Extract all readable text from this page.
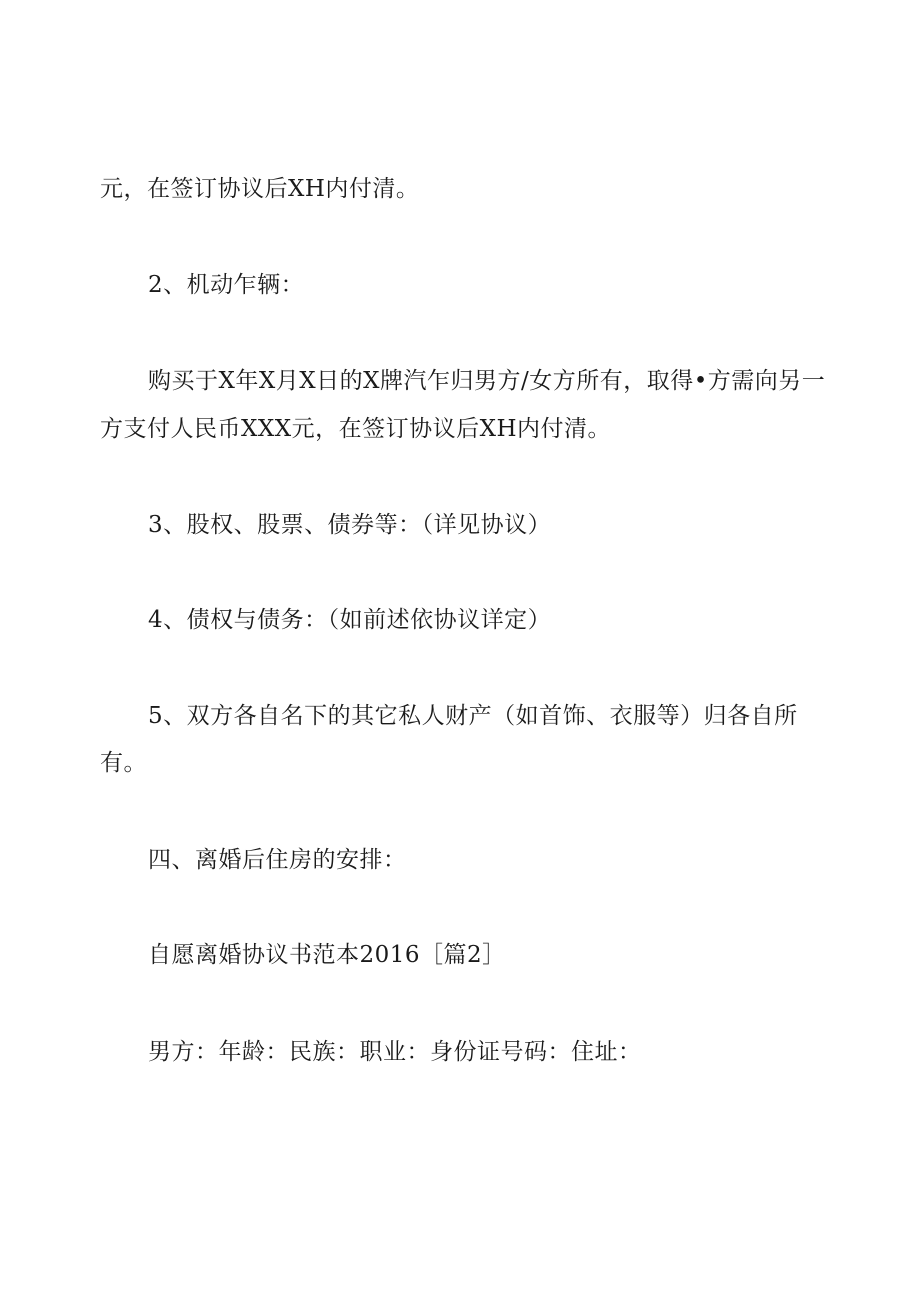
元，在签订协议后XH内付清。
2、机动乍辆：
购买于X年X月X日的X牌汽乍归男方/女方所有，取得•方需向另一
方支付人民币XXX元，在签订协议后XH内付清。
3、股权、股票、债券等：（详见协议）
4、债权与债务：（如前述依协议详定）
5、双方各自名下的其它私人财产（如首饰、衣服等）归各自所
有。
四、离婚后住房的安排：
自愿离婚协议书范本2016［篇2］
男方：年龄：民族：职业：身份证号码：住址：
